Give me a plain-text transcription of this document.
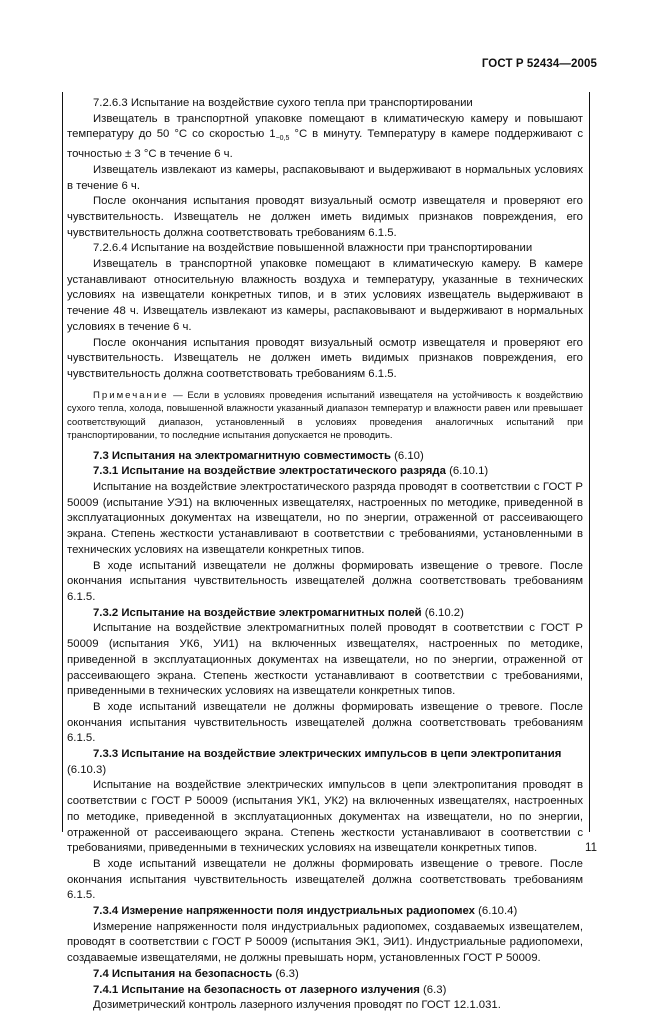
ГОСТ Р 52434—2005

7.2.6.3 Испытание на воздействие сухого тепла при транспортировании

Извещатель в транспортной упаковке помещают в климатическую камеру и повышают температуру до 50 °С со скоростью $1_{-0,5}$ °С в минуту. Температуру в камере поддерживают с точностью ± 3 °С в течение 6 ч.

Извещатель извлекают из камеры, распаковывают и выдерживают в нормальных условиях в течение 6 ч.

После окончания испытания проводят визуальный осмотр извещателя и проверяют его чувствительность. Извещатель не должен иметь видимых признаков повреждения, его чувствительность должна соответствовать требованиям 6.1.5.

7.2.6.4 Испытание на воздействие повышенной влажности при транспортировании

Извещатель в транспортной упаковке помещают в климатическую камеру. В камере устанавливают относительную влажность воздуха и температуру, указанные в технических условиях на извещатели конкретных типов, и в этих условиях извещатель выдерживают в течение 48 ч. Извещатель извлекают из камеры, распаковывают и выдерживают в нормальных условиях в течение 6 ч.

После окончания испытания проводят визуальный осмотр извещателя и проверяют его чувствительность. Извещатель не должен иметь видимых признаков повреждения, его чувствительность должна соответствовать требованиям 6.1.5.

Примечание — Если в условиях проведения испытаний извещателя на устойчивость к воздействию сухого тепла, холода, повышенной влажности указанный диапазон температур и влажности равен или превышает соответствующий диапазон, установленный в условиях проведения аналогичных испытаний при транспортировании, то последние испытания допускается не проводить.

7.3 Испытания на электромагнитную совместимость (6.10)

7.3.1 Испытание на воздействие электростатического разряда (6.10.1)

Испытание на воздействие электростатического разряда проводят в соответствии с ГОСТ Р 50009 (испытание УЭ1) на включенных извещателях, настроенных по методике, приведенной в эксплуатационных документах на извещатели, но по энергии, отраженной от рассеивающего экрана. Степень жесткости устанавливают в соответствии с требованиями, установленными в технических условиях на извещатели конкретных типов.

В ходе испытаний извещатели не должны формировать извещение о тревоге. После окончания испытания чувствительность извещателей должна соответствовать требованиям 6.1.5.

7.3.2 Испытание на воздействие электромагнитных полей (6.10.2)

Испытание на воздействие электромагнитных полей проводят в соответствии с ГОСТ Р 50009 (испытания УК6, УИ1) на включенных извещателях, настроенных по методике, приведенной в эксплуатационных документах на извещатели, но по энергии, отраженной от рассеивающего экрана. Степень жесткости устанавливают в соответствии с требованиями, приведенными в технических условиях на извещатели конкретных типов.

В ходе испытаний извещатели не должны формировать извещение о тревоге. После окончания испытания чувствительность извещателей должна соответствовать требованиям 6.1.5.

7.3.3 Испытание на воздействие электрических импульсов в цепи электропитания (6.10.3)

Испытание на воздействие электрических импульсов в цепи электропитания проводят в соответствии с ГОСТ Р 50009 (испытания УК1, УК2) на включенных извещателях, настроенных по методике, приведенной в эксплуатационных документах на извещатели, но по энергии, отраженной от рассеивающего экрана. Степень жесткости устанавливают в соответствии с требованиями, приведенными в технических условиях на извещатели конкретных типов.

В ходе испытаний извещатели не должны формировать извещение о тревоге. После окончания испытания чувствительность извещателей должна соответствовать требованиям 6.1.5.

7.3.4 Измерение напряженности поля индустриальных радиопомех (6.10.4)

Измерение напряженности поля индустриальных радиопомех, создаваемых извещателем, проводят в соответствии с ГОСТ Р 50009 (испытания ЭК1, ЭИ1). Индустриальные радиопомехи, создаваемые извещателями, не должны превышать норм, установленных ГОСТ Р 50009.

7.4 Испытания на безопасность (6.3)

7.4.1 Испытание на безопасность от лазерного излучения (6.3)

Дозиметрический контроль лазерного излучения проводят по ГОСТ 12.1.031.

11
